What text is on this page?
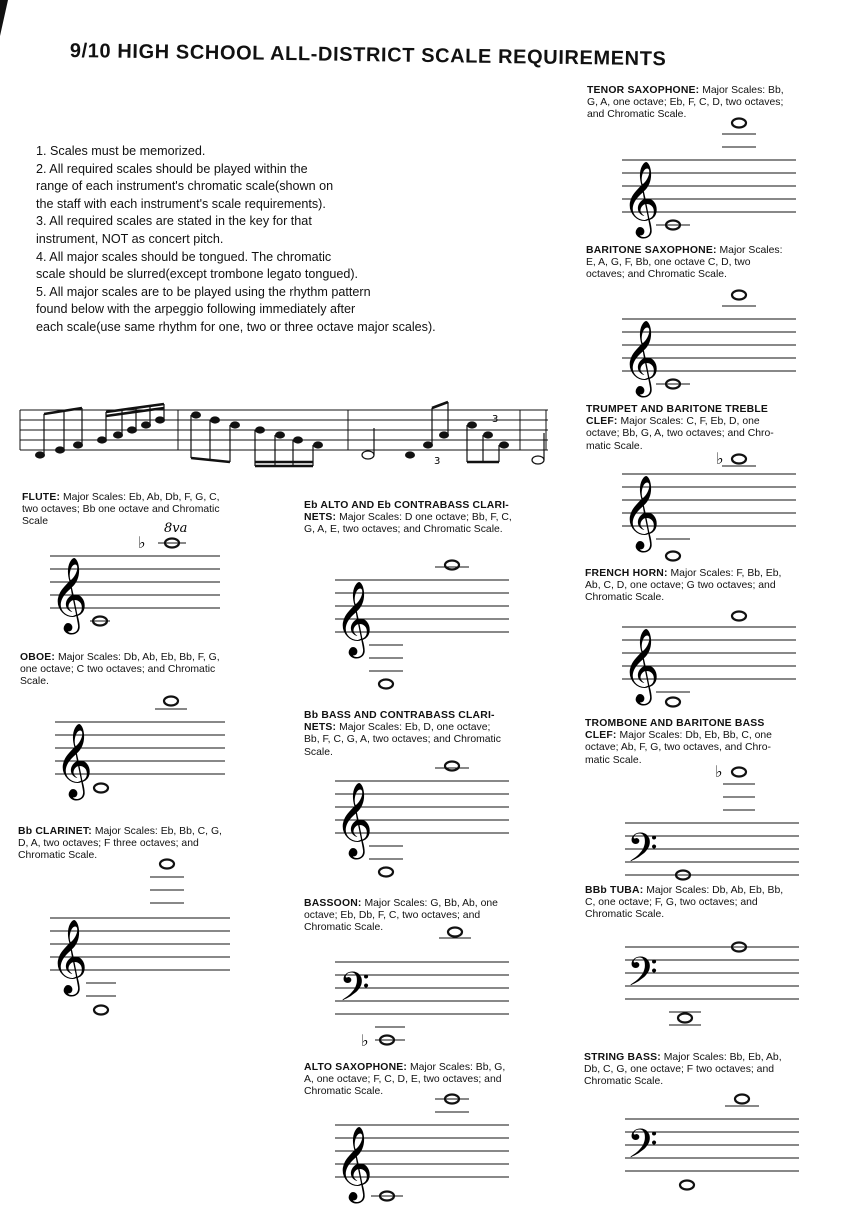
9/10 HIGH SCHOOL ALL-DISTRICT SCALE REQUIREMENTS
1. Scales must be memorized.
2. All required scales should be played within the
range of each instrument's chromatic scale(shown on
the staff with each instrument's scale requirements).
3. All required scales are stated in the key for that
instrument, NOT as concert pitch.
4. All major scales should be tongued. The chromatic
scale should be slurred(except trombone legato tongued).
5. All major scales are to be played using the rhythm pattern
found below with the arpeggio following immediately after
each scale(use same rhythm for one, two or three octave major scales).
3
3
FLUTE: Major Scales: Eb, Ab, Db, F, G, C,
two octaves; Bb one octave and Chromatic
Scale
𝄞
♭
8va
OBOE: Major Scales: Db, Ab, Eb, Bb, F, G,
one octave; C two octaves; and Chromatic
Scale.
𝄞
Bb CLARINET: Major Scales: Eb, Bb, C, G,
D, A, two octaves; F three octaves; and
Chromatic Scale.
𝄞
Eb ALTO AND Eb CONTRABASS CLARI-
NETS: Major Scales: D one octave; Bb, F, C,
G, A, E, two octaves; and Chromatic Scale.
𝄞
Bb BASS AND CONTRABASS CLARI-
NETS: Major Scales: Eb, D, one octave;
Bb, F, C, G, A, two octaves; and Chromatic
Scale.
𝄞
BASSOON: Major Scales: G, Bb, Ab, one
octave; Eb, Db, F, C, two octaves; and
Chromatic Scale.
𝄢
♭
ALTO SAXOPHONE: Major Scales: Bb, G,
A, one octave; F, C, D, E, two octaves; and
Chromatic Scale.
𝄞
TENOR SAXOPHONE: Major Scales: Bb,
G, A, one octave; Eb, F, C, D, two octaves;
and Chromatic Scale.
𝄞
BARITONE SAXOPHONE: Major Scales:
E, A, G, F, Bb, one octave C, D, two
octaves; and Chromatic Scale.
𝄞
TRUMPET AND BARITONE TREBLE
CLEF: Major Scales: C, F, Eb, D, one
octave; Bb, G, A, two octaves; and Chro-
matic Scale.
𝄞
♭
FRENCH HORN: Major Scales: F, Bb, Eb,
Ab, C, D, one octave; G two octaves; and
Chromatic Scale.
𝄞
TROMBONE AND BARITONE BASS
CLEF: Major Scales: Db, Eb, Bb, C, one
octave; Ab, F, G, two octaves, and Chro-
matic Scale.
𝄢
♭
BBb TUBA: Major Scales: Db, Ab, Eb, Bb,
C, one octave; F, G, two octaves; and
Chromatic Scale.
𝄢
STRING BASS: Major Scales: Bb, Eb, Ab,
Db, C, G, one octave; F two octaves; and
Chromatic Scale.
𝄢
